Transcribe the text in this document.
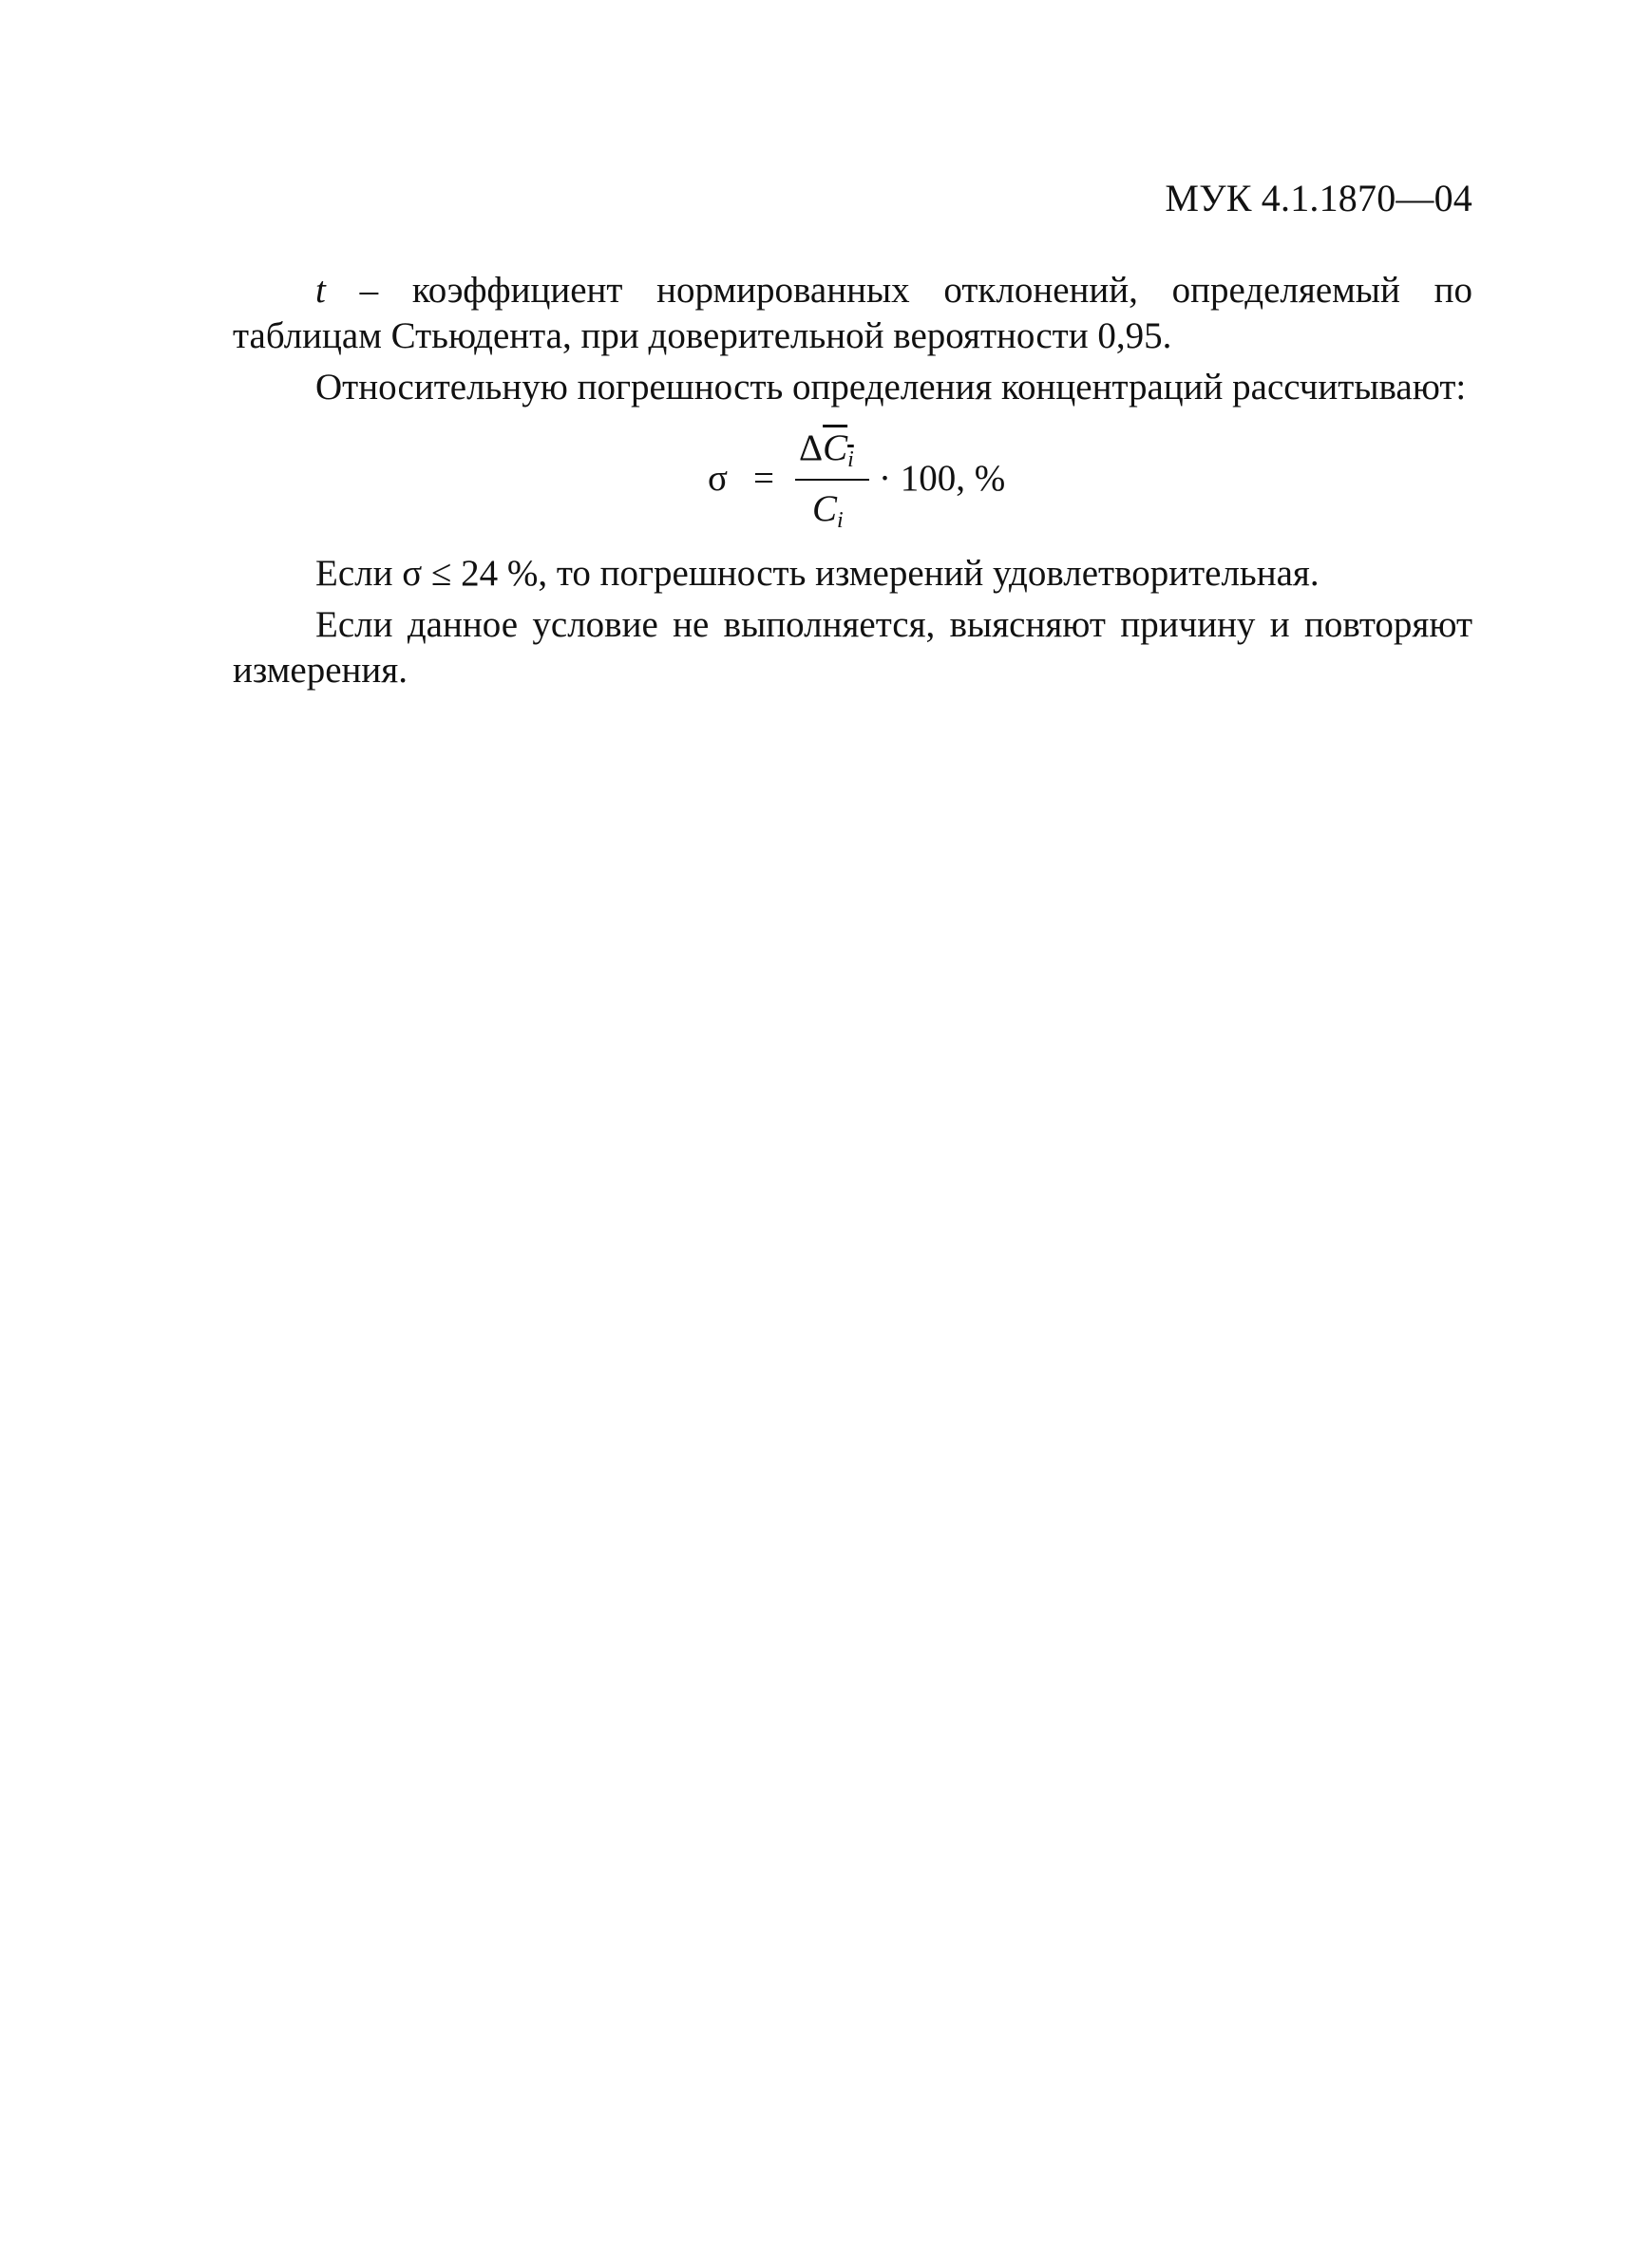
МУК 4.1.1870—04

t – коэффициент нормированных отклонений, определяемый по таблицам Стьюдента, при доверительной вероятности 0,95.

Относительную погрешность определения концентраций рассчитывают:

σ =
$\Delta C_i$
$C_i$
· 100, %

Если σ ≤ 24 %, то погрешность измерений удовлетворительная.

Если данное условие не выполняется, выясняют причину и повторяют измерения.
